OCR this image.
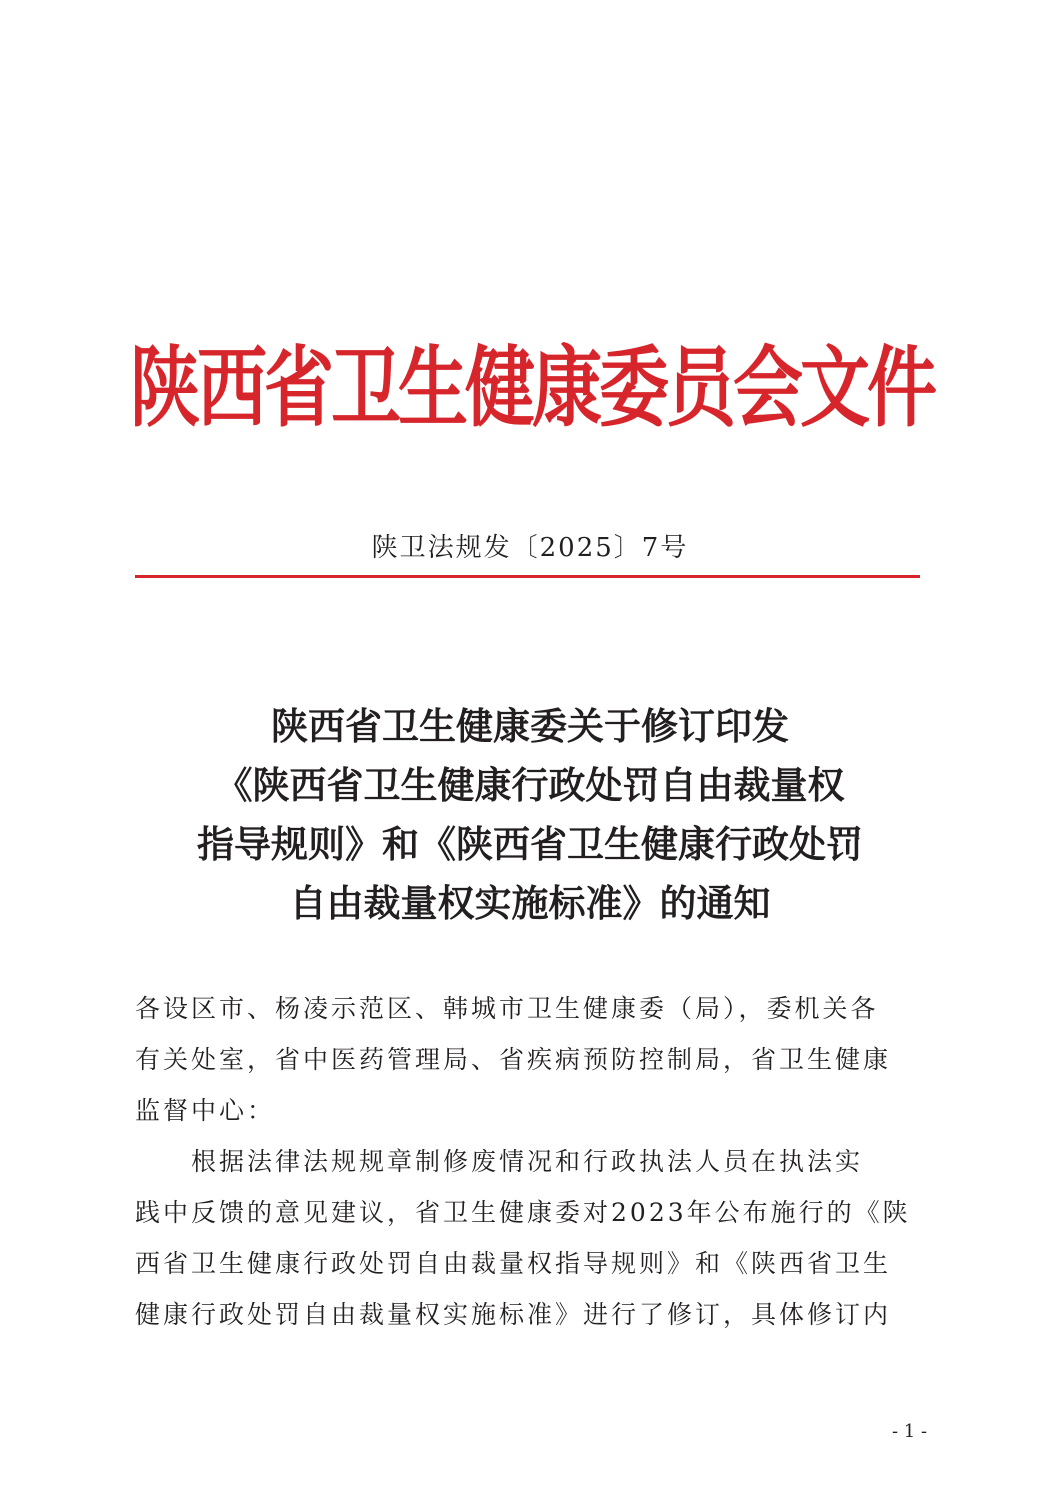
陕西省卫生健康委员会文件
陕卫法规发〔2025〕7号
陕西省卫生健康委关于修订印发
《陕西省卫生健康行政处罚自由裁量权
指导规则》和《陕西省卫生健康行政处罚
自由裁量权实施标准》的通知
各设区市、杨凌示范区、韩城市卫生健康委（局），委机关各
有关处室，省中医药管理局、省疾病预防控制局，省卫生健康
监督中心：
根据法律法规规章制修废情况和行政执法人员在执法实
践中反馈的意见建议，省卫生健康委对2023年公布施行的《陕
西省卫生健康行政处罚自由裁量权指导规则》和《陕西省卫生
健康行政处罚自由裁量权实施标准》进行了修订，具体修订内
- 1 -
